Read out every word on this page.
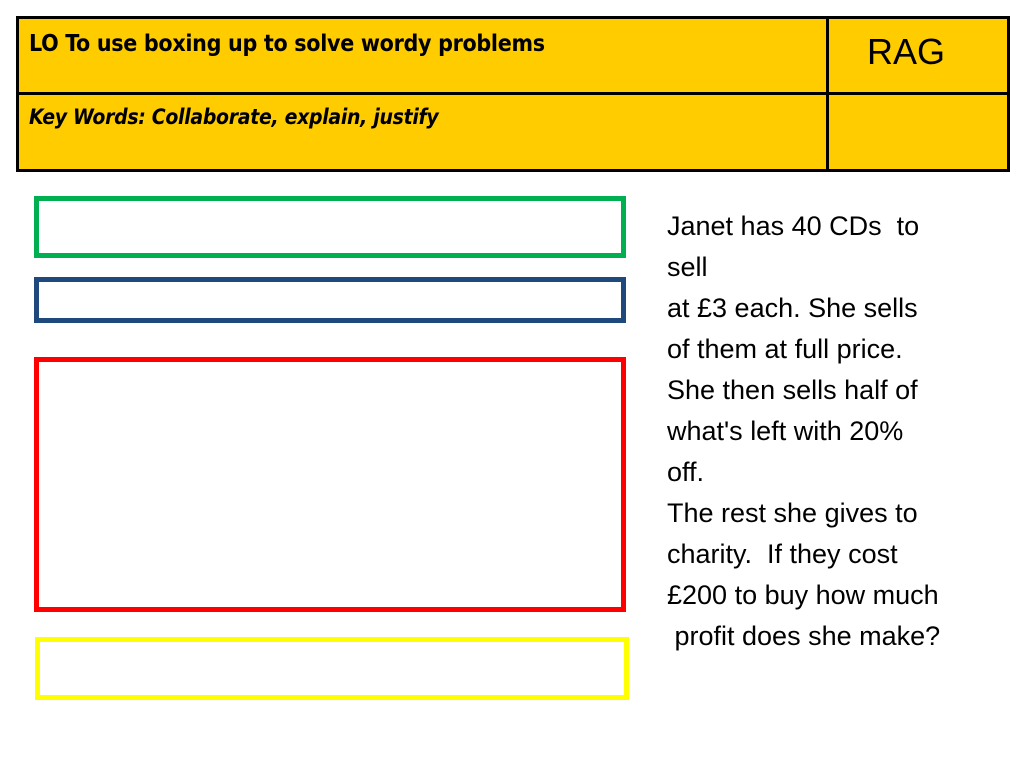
LO To use boxing up to solve wordy problems	RAG
Key Words: Collaborate, explain, justify
Janet has 40 CDs  to
sell
at £3 each. She sells
of them at full price.
She then sells half of
what's left with 20%
off.
The rest she gives to
charity.  If they cost
£200 to buy how much
profit does she make?
